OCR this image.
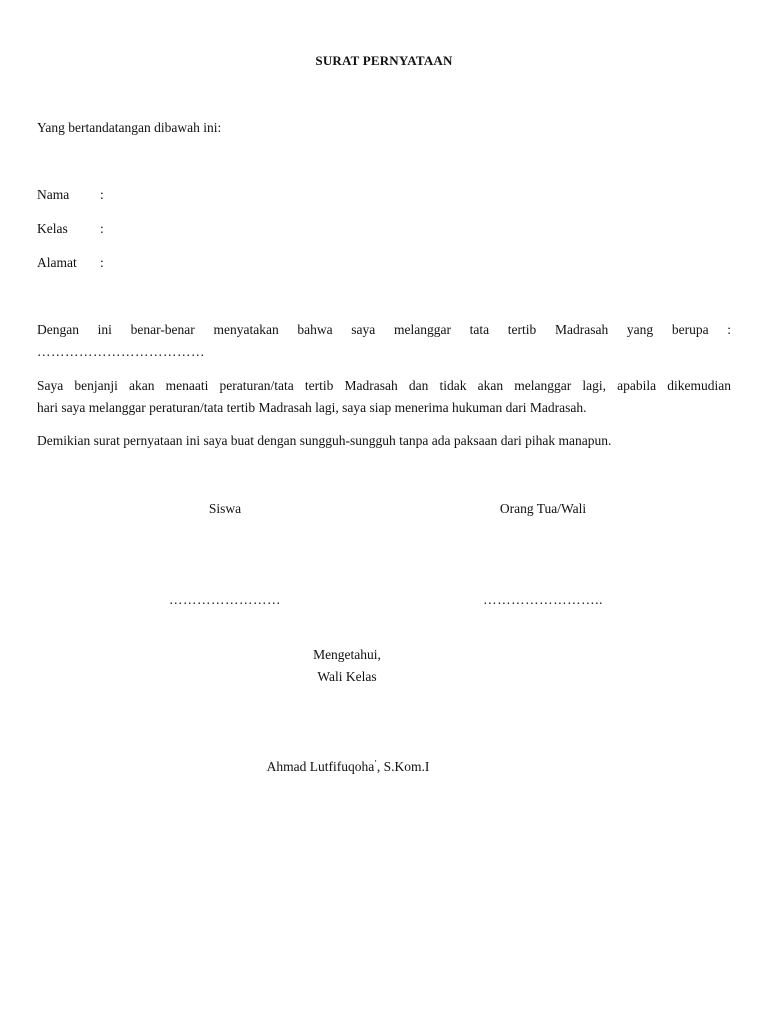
SURAT PERNYATAAN
Yang bertandatangan dibawah ini:
Nama	:
Kelas	:
Alamat	:
Dengan ini benar-benar menyatakan bahwa saya melanggar tata tertib Madrasah yang berupa :
………………………………
Saya benjanji akan menaati peraturan/tata tertib Madrasah dan tidak akan melanggar lagi, apabila dikemudian
hari saya melanggar peraturan/tata tertib Madrasah lagi, saya siap menerima hukuman dari Madrasah.
Demikian surat pernyataan ini saya buat dengan sungguh-sungguh tanpa ada paksaan dari pihak manapun.
Siswa	Orang Tua/Wali
……………………	……………………..
Mengetahui,
Wali Kelas
Ahmad Lutfifuqoha’, S.Kom.I
